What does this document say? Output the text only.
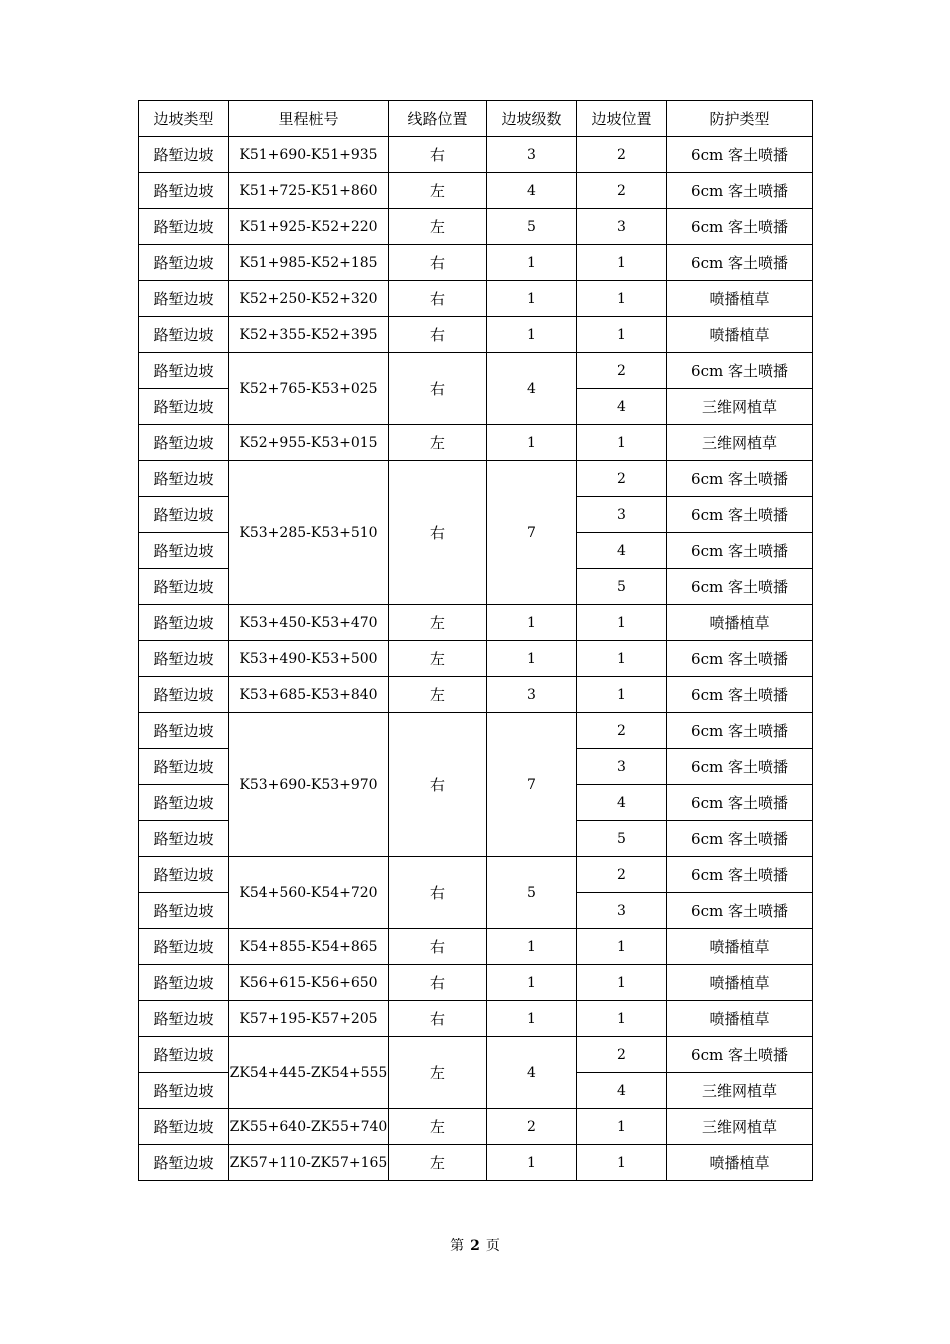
边坡类型	里程桩号	线路位置	边坡级数	边坡位置	防护类型
路堑边坡	K51+690-K51+935	右	3	2	6cm 客土喷播
路堑边坡	K51+725-K51+860	左	4	2	6cm 客土喷播
路堑边坡	K51+925-K52+220	左	5	3	6cm 客土喷播
路堑边坡	K51+985-K52+185	右	1	1	6cm 客土喷播
路堑边坡	K52+250-K52+320	右	1	1	喷播植草
路堑边坡	K52+355-K52+395	右	1	1	喷播植草
路堑边坡	K52+765-K53+025	右	4	2	6cm 客土喷播
路堑边坡				4	三维网植草
路堑边坡	K52+955-K53+015	左	1	1	三维网植草
路堑边坡	K53+285-K53+510	右	7	2	6cm 客土喷播
路堑边坡				3	6cm 客土喷播
路堑边坡				4	6cm 客土喷播
路堑边坡				5	6cm 客土喷播
路堑边坡	K53+450-K53+470	左	1	1	喷播植草
路堑边坡	K53+490-K53+500	左	1	1	6cm 客土喷播
路堑边坡	K53+685-K53+840	左	3	1	6cm 客土喷播
路堑边坡	K53+690-K53+970	右	7	2	6cm 客土喷播
路堑边坡				3	6cm 客土喷播
路堑边坡				4	6cm 客土喷播
路堑边坡				5	6cm 客土喷播
路堑边坡	K54+560-K54+720	右	5	2	6cm 客土喷播
路堑边坡				3	6cm 客土喷播
路堑边坡	K54+855-K54+865	右	1	1	喷播植草
路堑边坡	K56+615-K56+650	右	1	1	喷播植草
路堑边坡	K57+195-K57+205	右	1	1	喷播植草
路堑边坡	ZK54+445-ZK54+555	左	4	2	6cm 客土喷播
路堑边坡				4	三维网植草
路堑边坡	ZK55+640-ZK55+740	左	2	1	三维网植草
路堑边坡	ZK57+110-ZK57+165	左	1	1	喷播植草
第 2 页
